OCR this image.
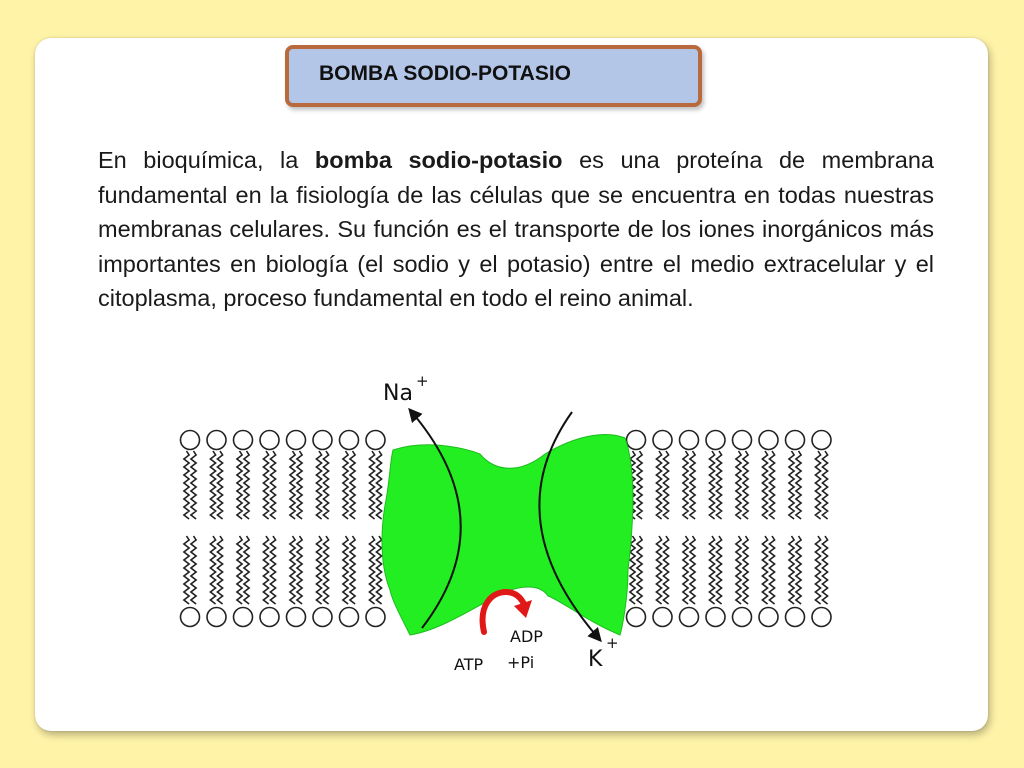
BOMBA SODIO-POTASIO

En bioquímica, la bomba sodio-potasio es una proteína de membrana fundamental en la fisiología de las células que se encuentra en todas nuestras membranas celulares. Su función es el transporte de los iones inorgánicos más importantes en biología (el sodio y el potasio) entre el medio extracelular y el citoplasma, proceso fundamental en todo el reino animal.

Na +
K
+
ATP
ADP
+Pi
